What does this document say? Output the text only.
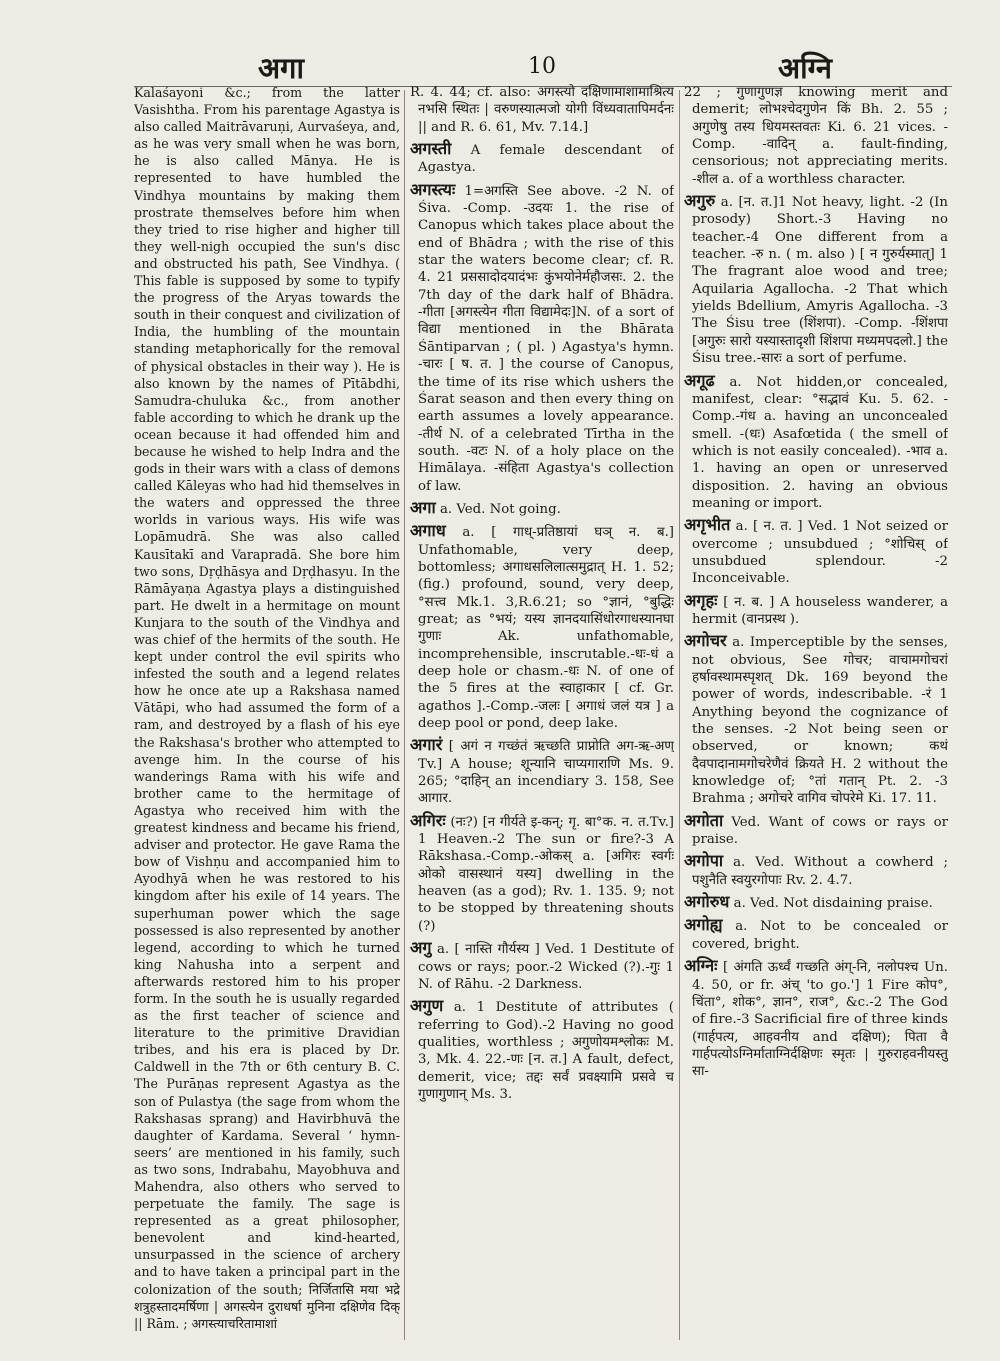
अगा	10	अग्नि

Kalaśayoni &c.; from the latter Vasishtha. From his parentage Agastya is also called Maitrāvaruṇi, Aurvaśeya, and, as he was very small when he was born, he is also called Mānya. He is represented to have humbled the Vindhya mountains by making them prostrate themselves before him when they tried to rise higher and higher till they well-nigh occupied the sun's disc and obstructed his path, See Vindhya. ( This fable is supposed by some to typify the progress of the Aryas towards the south in their conquest and civilization of India, the humbling of the mountain standing metaphorically for the removal of physical obstacles in their way ). He is also known by the names of Pītābdhi, Samudra-chuluka &c., from another fable according to which he drank up the ocean because it had offended him and because he wished to help Indra and the gods in their wars with a class of demons called Kāleyas who had hid themselves in the waters and oppressed the three worlds in various ways. His wife was Lopāmudrā. She was also called Kausītakī and Varapradā. She bore him two sons, Dṛḍhāsya and Dṛḍhasyu. In the Rāmāyaṇa Agastya plays a distinguished part. He dwelt in a hermitage on mount Kunjara to the south of the Vindhya and was chief of the hermits of the south. He kept under control the evil spirits who infested the south and a legend relates how he once ate up a Rakshasa named Vātāpi, who had assumed the form of a ram, and destroyed by a flash of his eye the Rakshasa's brother who attempted to avenge him. In the course of his wanderings Rama with his wife and brother came to the hermitage of Agastya who received him with the greatest kindness and became his friend, adviser and protector. He gave Rama the bow of Vishṇu and accompanied him to Ayodhyā when he was restored to his kingdom after his exile of 14 years. The superhuman power which the sage possessed is also represented by another legend, according to which he turned king Nahusha into a serpent and afterwards restored him to his proper form. In the south he is usually regarded as the first teacher of science and literature to the primitive Dravidian tribes, and his era is placed by Dr. Caldwell in the 7th or 6th century B. C. The Purāṇas represent Agastya as the son of Pulastya (the sage from whom the Rakshasas sprang) and Havirbhuvā the daughter of Kardama. Several ‘ hymn-seers’ are mentioned in his family, such as two sons, Indrabahu, Mayobhuva and Mahendra, also others who served to perpetuate the family. The sage is represented as a great philosopher, benevolent and kind-hearted, unsurpassed in the science of archery and to have taken a principal part in the colonization of the south; निर्जितासि मया भद्रे शत्रुहस्तादमर्षिणा | अगस्त्येन दुराधर्षा मुनिना दक्षिणेव दिक् || Rām. ; अगस्त्याचरितामाशां

R. 4. 44; cf. also: अगस्त्यो दक्षिणामाशामाश्रित्य नभसि स्थितः | वरुणस्यात्मजो योगी विंध्यवातापिमर्दनः || and R. 6. 61, Mv. 7.14.]

अगस्ती A female descendant of Agastya.

अगस्त्यः 1=अगस्ति See above. -2 N. of Śiva. -Comp. -उदयः 1. the rise of Canopus which takes place about the end of Bhādra ; with the rise of this star the waters become clear; cf. R. 4. 21 प्रससादोदयादंभः कुंभयोनेर्महौजसः. 2. the 7th day of the dark half of Bhādra. -गीता [अगस्त्येन गीता विद्यामेदः]N. of a sort of विद्या mentioned in the Bhārata Śāntiparvan ; ( pl. ) Agastya's hymn. -चारः [ ष. त. ] the course of Canopus, the time of its rise which ushers the Śarat season and then every thing on earth assumes a lovely appearance. -तीर्थ N. of a celebrated Tīrtha in the south. -वटः N. of a holy place on the Himālaya. -संहिता Agastya's collection of law.

अगा a. Ved. Not going.

अगाध a. [ गाध्-प्रतिष्ठायां घञ् न. ब.] Unfathomable, very deep, bottomless; अगाधसलिलात्समुद्रात् H. 1. 52; (fig.) profound, sound, very deep, °सत्त्व Mk.1. 3,R.6.21; so °ज्ञानं, °बुद्धिः great; as °भयं; यस्य ज्ञानदयासिंधोरगाधस्यानघा गुणाः Ak. unfathomable, incomprehensible, inscrutable.-धः-धं a deep hole or chasm.-धः N. of one of the 5 fires at the स्वाहाकार [ cf. Gr. agathos ].-Comp.-जलः [ अगाधं जलं यत्र ] a deep pool or pond, deep lake.

अगारं [ अगं न गच्छंतं ऋच्छति प्राप्नोति अग-ऋ-अण् Tv.] A house; शून्यानि चाप्यगाराणि Ms. 9. 265; °दाहिन् an incendiary 3. 158, See आगार.

अगिरः (नः?) [न गीर्यते इ-कन्; गृ. बा°क. न. त.Tv.] 1 Heaven.-2 The sun or fire?-3 A Rākshasa.-Comp.-ओकस् a. [अगिरः स्वर्गः ओको वासस्थानं यस्य] dwelling in the heaven (as a god); Rv. 1. 135. 9; not to be stopped by threatening shouts (?)

अगु a. [ नास्ति गौर्यस्य ] Ved. 1 Destitute of cows or rays; poor.-2 Wicked (?).-गुः 1 N. of Rāhu. -2 Darkness.

अगुण a. 1 Destitute of attributes ( referring to God).-2 Having no good qualities, worthless ; अगुणोयमश्लोकः M. 3, Mk. 4. 22.-णः [न. त.] A fault, defect, demerit, vice; तद्दः सर्वं प्रवक्ष्यामि प्रसवे च गुणागुणान् Ms. 3.

22 ; गुणागुणज्ञ knowing merit and demerit; लोभश्चेदगुणेन किं Bh. 2. 55 ; अगुणेषु तस्य धियमस्तवतः Ki. 6. 21 vices. -Comp. -वादिन् a. fault-finding, censorious; not appreciating merits. -शील a. of a worthless character.

अगुरु a. [न. त.]1 Not heavy, light. -2 (In prosody) Short.-3 Having no teacher.-4 One different from a teacher. -रु n. ( m. also ) [ न गुरुर्यस्मात्] 1 The fragrant aloe wood and tree; Aquilaria Agallocha. -2 That which yields Bdellium, Amyris Agallocha. -3 The Śisu tree (शिंशपा). -Comp. -शिंशपा [अगुरुः सारो यस्यास्तादृशी शिंशपा मध्यमपदलो.] the Śisu tree.-सारः a sort of perfume.

अगूढ a. Not hidden,or concealed, manifest, clear: °सद्भावं Ku. 5. 62. -Comp.-गंध a. having an unconcealed smell. -(धः) Asafœtida ( the smell of which is not easily concealed). -भाव a. 1. having an open or unreserved disposition. 2. having an obvious meaning or import.

अगृभीत a. [ न. त. ] Ved. 1 Not seized or overcome ; unsubdued ; °शोचिस् of unsubdued splendour. -2 Inconceivable.

अगृहः [ न. ब. ] A houseless wanderer, a hermit (वानप्रस्थ ).

अगोचर a. Imperceptible by the senses, not obvious, See गोचर; वाचामगोचरां हर्षावस्थामस्पृशत् Dk. 169 beyond the power of words, indescribable. -रं 1 Anything beyond the cognizance of the senses. -2 Not being seen or observed, or known; कथं दैवपादानामगोचरेणैवं क्रियते H. 2 without the knowledge of; °तां गतान् Pt. 2. -3 Brahma ; अगोचरे वागिव चोपरेमे Ki. 17. 11.

अगोता Ved. Want of cows or rays or praise.

अगोपा a. Ved. Without a cowherd ; पशुनैति स्वयुरगोपाः Rv. 2. 4.7.

अगोरुध a. Ved. Not disdaining praise.

अगोह्य a. Not to be concealed or covered, bright.

अग्निः [ अंगति ऊर्ध्वं गच्छति अंग्-नि, नलोपश्च Un. 4. 50, or fr. अंच् 'to go.'] 1 Fire कोप°, चिंता°, शोक°, ज्ञान°, राज°, &c.-2 The God of fire.-3 Sacrificial fire of three kinds (गार्हपत्य, आहवनीय and दक्षिण); पिता वै गार्हपत्योऽग्निर्माताग्निर्दक्षिणः स्मृतः | गुरुराहवनीयस्तु सा-
